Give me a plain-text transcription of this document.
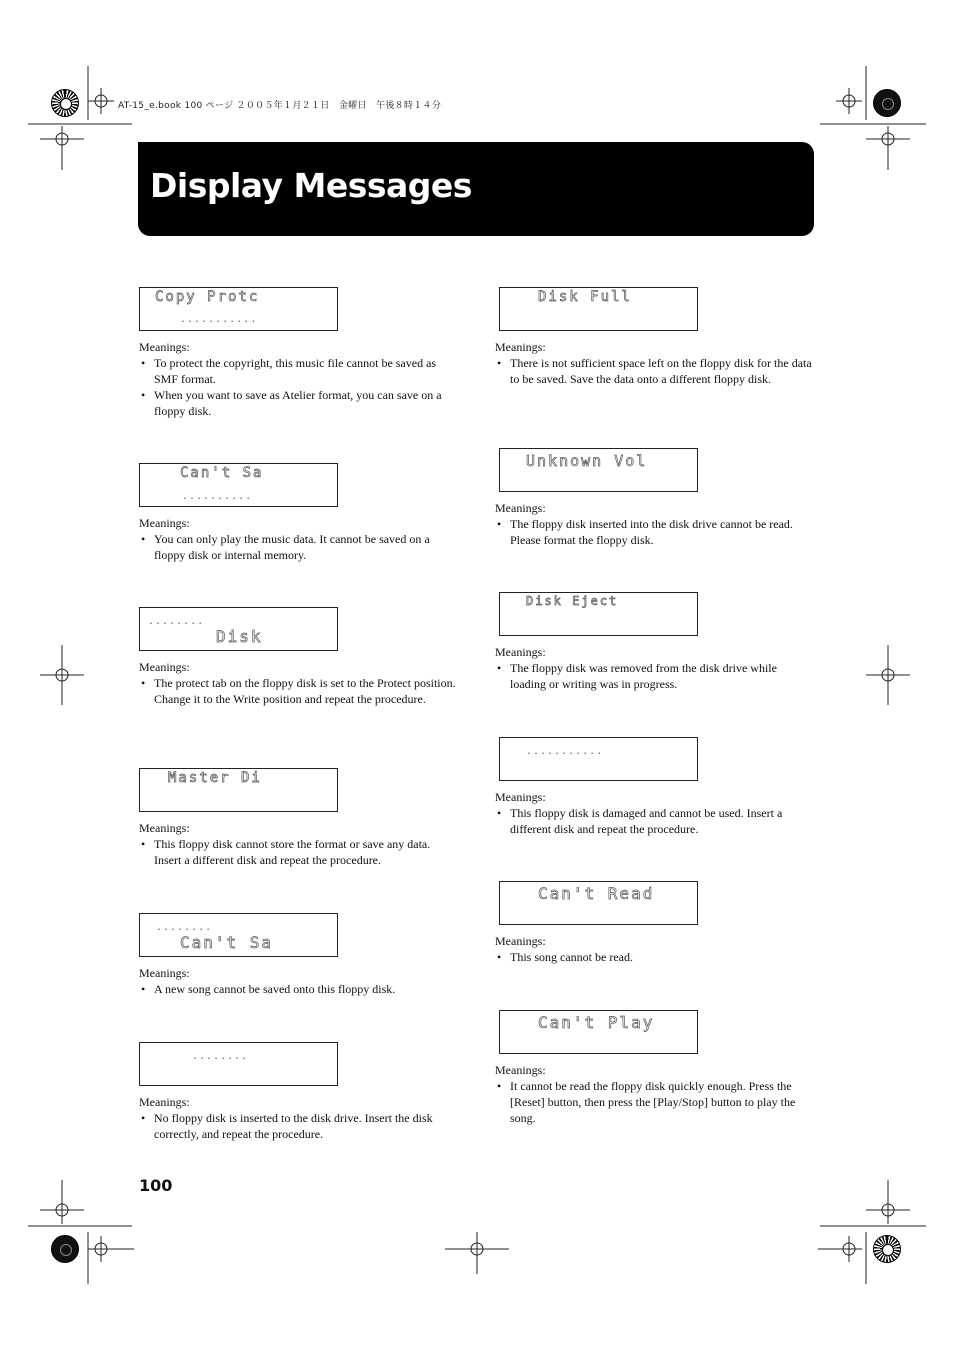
AT-15_e.book 100 ページ ２００５年１月２１日　金曜日　午後８時１４分
Display Messages
Copy Protc
...........
Meanings:
• To protect the copyright, this music file cannot be saved as SMF format.
• When you want to save as Atelier format, you can save on a floppy disk.
Can't Sa
..........
Meanings:
• You can only play the music data. It cannot be saved on a floppy disk or internal memory.
........
Disk
Meanings:
• The protect tab on the floppy disk is set to the Protect position. Change it to the Write position and repeat the procedure.
Master Di
Meanings:
• This floppy disk cannot store the format or save any data. Insert a different disk and repeat the procedure.
........
Can't Sa
Meanings:
• A new song cannot be saved onto this floppy disk.
........
Meanings:
• No floppy disk is inserted to the disk drive. Insert the disk correctly, and repeat the procedure.
Disk Full
Meanings:
• There is not sufficient space left on the floppy disk for the data to be saved. Save the data onto a different floppy disk.
Unknown Vol
Meanings:
• The floppy disk inserted into the disk drive cannot be read. Please format the floppy disk.
Disk Eject
Meanings:
• The floppy disk was removed from the disk drive while loading or writing was in progress.
...........
Meanings:
• This floppy disk is damaged and cannot be used. Insert a different disk and repeat the procedure.
Can't Read
Meanings:
• This song cannot be read.
Can't Play
Meanings:
• It cannot be read the floppy disk quickly enough. Press the [Reset] button, then press the [Play/Stop] button to play the song.
100
